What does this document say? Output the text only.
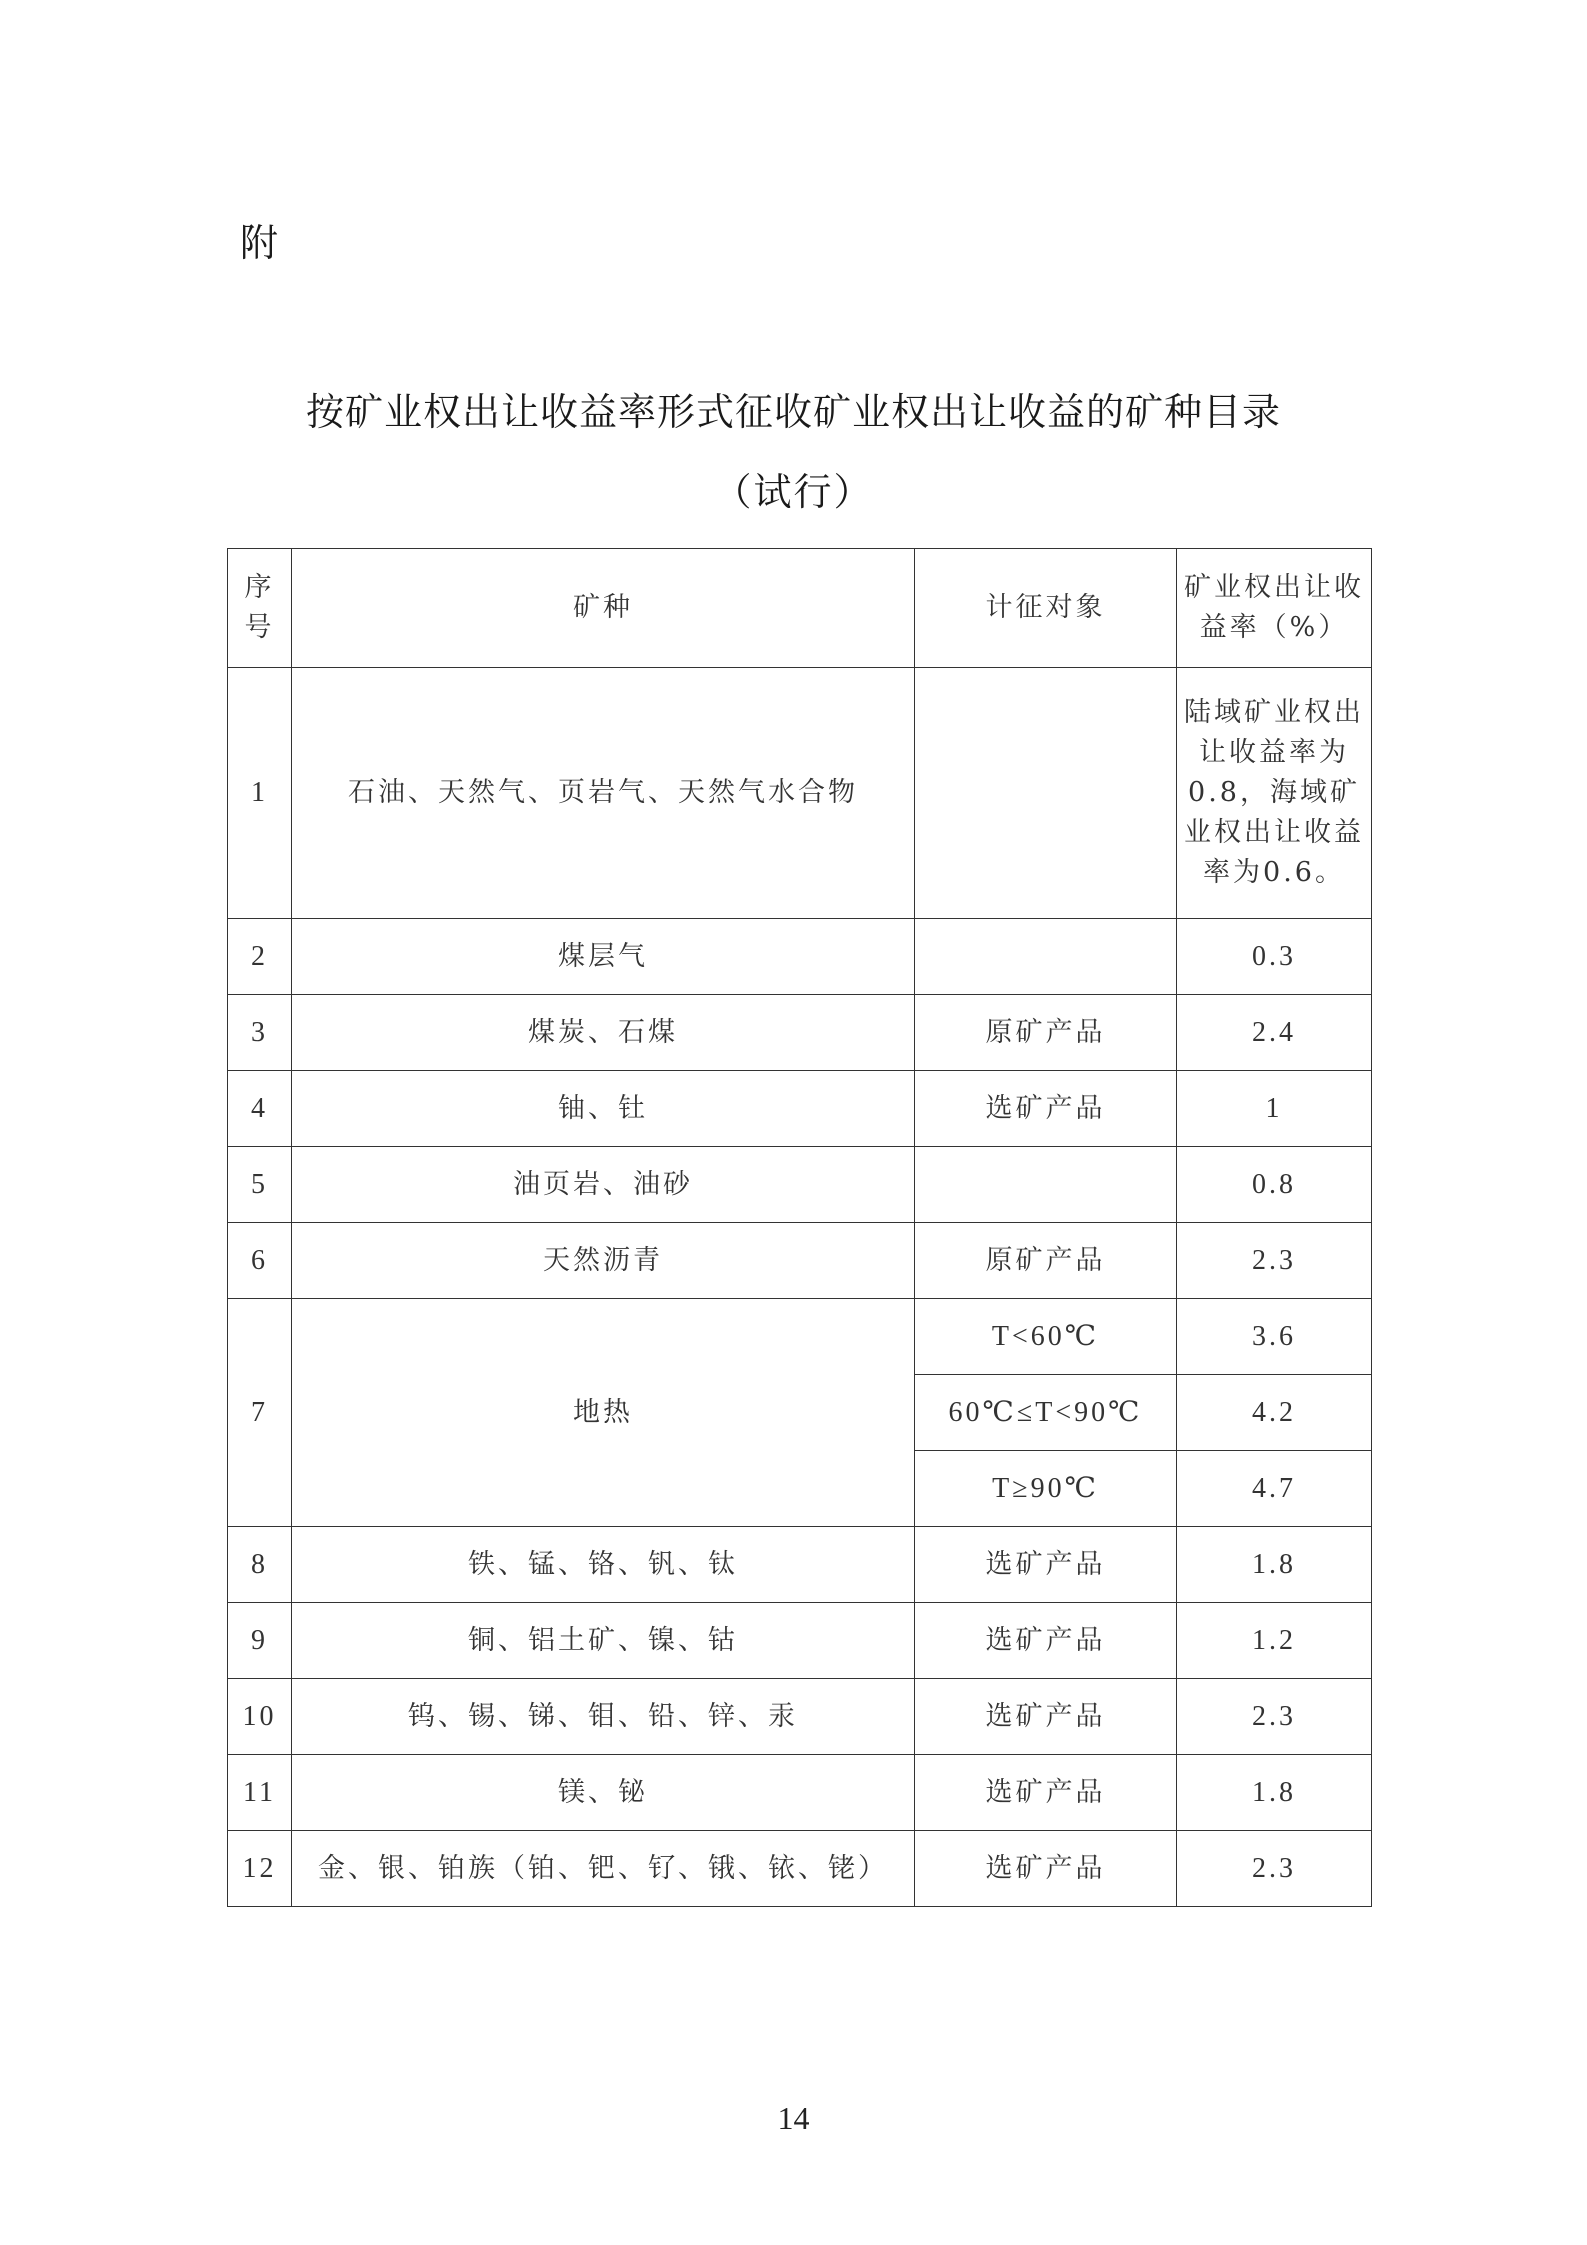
附
按矿业权出让收益率形式征收矿业权出让收益的矿种目录
（试行）
序号	矿种	计征对象	矿业权出让收益率（%）
1	石油、天然气、页岩气、天然气水合物		陆域矿业权出让收益率为0.8，海域矿业权出让收益率为0.6。
2	煤层气		0.3
3	煤炭、石煤	原矿产品	2.4
4	铀、钍	选矿产品	1
5	油页岩、油砂		0.8
6	天然沥青	原矿产品	2.3
7	地热	T<60℃	3.6
		60℃≤T<90℃	4.2
		T≥90℃	4.7
8	铁、锰、铬、钒、钛	选矿产品	1.8
9	铜、铝土矿、镍、钴	选矿产品	1.2
10	钨、锡、锑、钼、铅、锌、汞	选矿产品	2.3
11	镁、铋	选矿产品	1.8
12	金、银、铂族（铂、钯、钌、锇、铱、铑）	选矿产品	2.3
14
